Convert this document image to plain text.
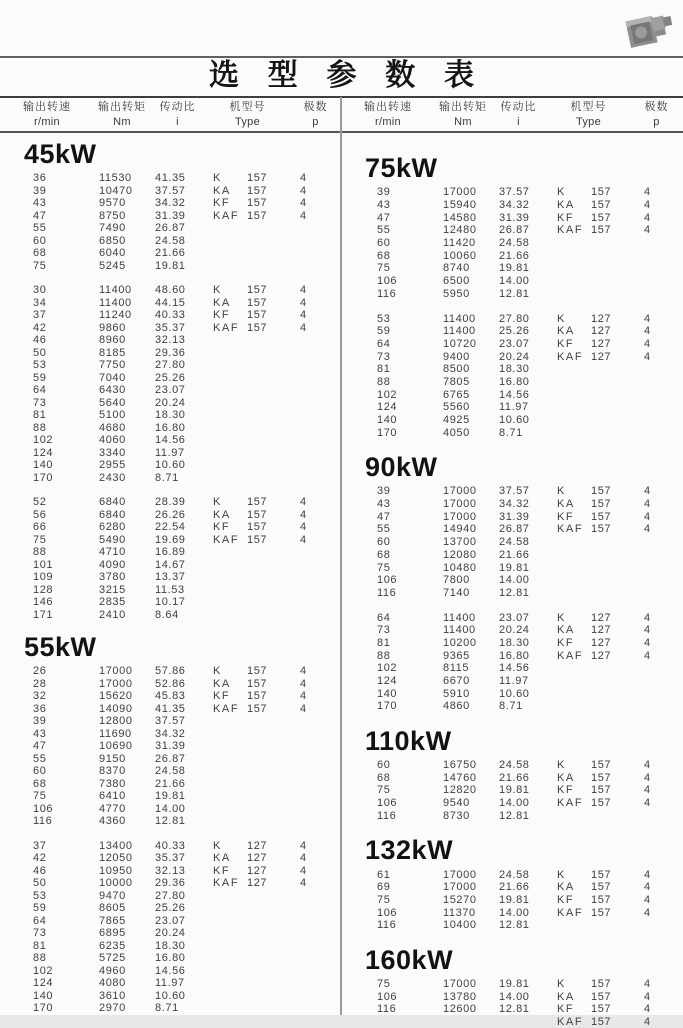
选 型 参 数 表
输出转速
r/min
输出转矩
Nm
传动比
i
机型号
Type
极数
p
输出转速
r/min
输出转矩
Nm
传动比
i
机型号
Type
极数
p
45kW
36	11530	41.35	K	157	4
39	10470	37.57	KA	157	4
43	9570	34.32	KF	157	4
47	8750	31.39	KAF 157	4
55	7490	26.87
60	6850	24.58
68	6040	21.66
75	5245	19.81
30	11400	48.60	K	157	4
34	11400	44.15	KA	157	4
37	11240	40.33	KF	157	4
42	9860	35.37	KAF 157	4
46	8960	32.13
50	8185	29.36
53	7750	27.80
59	7040	25.26
64	6430	23.07
73	5640	20.24
81	5100	18.30
88	4680	16.80
102	4060	14.56
124	3340	11.97
140	2955	10.60
170	2430	8.71
52	6840	28.39	K	157	4
56	6840	26.26	KA	157	4
66	6280	22.54	KF	157	4
75	5490	19.69	KAF 157	4
88	4710	16.89
101	4090	14.67
109	3780	13.37
128	3215	11.53
146	2835	10.17
171	2410	8.64
55kW
26	17000	57.86	K	157	4
28	17000	52.86	KA	157	4
32	15620	45.83	KF	157	4
36	14090	41.35	KAF 157	4
39	12800	37.57
43	11690	34.32
47	10690	31.39
55	9150	26.87
60	8370	24.58
68	7380	21.66
75	6410	19.81
106	4770	14.00
116	4360	12.81
37	13400	40.33	K	127	4
42	12050	35.37	KA	127	4
46	10950	32.13	KF	127	4
50	10000	29.36	KAF 127	4
53	9470	27.80
59	8605	25.26
64	7865	23.07
73	6895	20.24
81	6235	18.30
88	5725	16.80
102	4960	14.56
124	4080	11.97
140	3610	10.60
170	2970	8.71
75kW
39	17000	37.57	K	157	4
43	15940	34.32	KA	157	4
47	14580	31.39	KF	157	4
55	12480	26.87	KAF 157	4
60	11420	24.58
68	10060	21.66
75	8740	19.81
106	6500	14.00
116	5950	12.81
53	11400	27.80	K	127	4
59	11400	25.26	KA	127	4
64	10720	23.07	KF	127	4
73	9400	20.24	KAF 127	4
81	8500	18.30
88	7805	16.80
102	6765	14.56
124	5560	11.97
140	4925	10.60
170	4050	8.71
90kW
39	17000	37.57	K	157	4
43	17000	34.32	KA	157	4
47	17000	31.39	KF	157	4
55	14940	26.87	KAF 157	4
60	13700	24.58
68	12080	21.66
75	10480	19.81
106	7800	14.00
116	7140	12.81
64	11400	23.07	K	127	4
73	11400	20.24	KA	127	4
81	10200	18.30	KF	127	4
88	9365	16.80	KAF 127	4
102	8115	14.56
124	6670	11.97
140	5910	10.60
170	4860	8.71
110kW
60	16750	24.58	K	157	4
68	14760	21.66	KA	157	4
75	12820	19.81	KF	157	4
106	9540	14.00	KAF 157	4
116	8730	12.81
132kW
61	17000	24.58	K	157	4
69	17000	21.66	KA	157	4
75	15270	19.81	KF	157	4
106	11370	14.00	KAF 157	4
116	10400	12.81
160kW
75	17000	19.81	K	157	4
106	13780	14.00	KA	157	4
116	12600	12.81	KF	157	4
KAF 157	4
